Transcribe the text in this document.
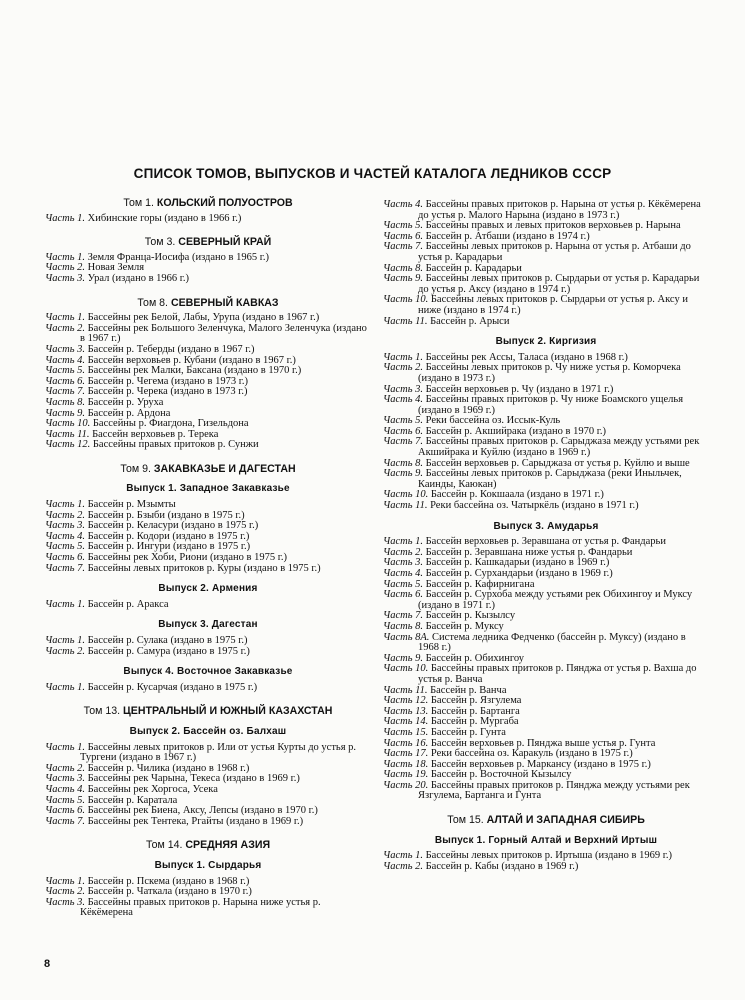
СПИСОК ТОМОВ, ВЫПУСКОВ И ЧАСТЕЙ КАТАЛОГА ЛЕДНИКОВ СССР
Том 1. КОЛЬСКИЙ ПОЛУОСТРОВ
Часть 1. Хибинские горы (издано в 1966 г.)
Том 3. СЕВЕРНЫЙ КРАЙ
Часть 1. Земля Франца-Иосифа (издано в 1965 г.)
Часть 2. Новая Земля
Часть 3. Урал (издано в 1966 г.)
Том 8. СЕВЕРНЫЙ КАВКАЗ
Часть 1. Бассейны рек Белой, Лабы, Урупа (издано в 1967 г.)
Часть 2. Бассейны рек Большого Зеленчука, Малого Зеленчука (издано в 1967 г.)
Часть 3. Бассейн р. Теберды (издано в 1967 г.)
Часть 4. Бассейн верховьев р. Кубани (издано в 1967 г.)
Часть 5. Бассейны рек Малки, Баксана (издано в 1970 г.)
Часть 6. Бассейн р. Чегема (издано в 1973 г.)
Часть 7. Бассейн р. Черека (издано в 1973 г.)
Часть 8. Бассейн р. Уруха
Часть 9. Бассейн р. Ардона
Часть 10. Бассейны р. Фиагдона, Гизельдона
Часть 11. Бассейн верховьев р. Терека
Часть 12. Бассейны правых притоков р. Сунжи
Том 9. ЗАКАВКАЗЬЕ И ДАГЕСТАН
Выпуск 1. Западное Закавказье
Часть 1. Бассейн р. Мзымты
Часть 2. Бассейн р. Бзыби (издано в 1975 г.)
Часть 3. Бассейн р. Келасури (издано в 1975 г.)
Часть 4. Бассейн р. Кодори (издано в 1975 г.)
Часть 5. Бассейн р. Ингури (издано в 1975 г.)
Часть 6. Бассейны рек Хоби, Риони (издано в 1975 г.)
Часть 7. Бассейны левых притоков р. Куры (издано в 1975 г.)
Выпуск 2. Армения
Часть 1. Бассейн р. Аракса
Выпуск 3. Дагестан
Часть 1. Бассейн р. Сулака (издано в 1975 г.)
Часть 2. Бассейн р. Самура (издано в 1975 г.)
Выпуск 4. Восточное Закавказье
Часть 1. Бассейн р. Кусарчая (издано в 1975 г.)
Том 13. ЦЕНТРАЛЬНЫЙ И ЮЖНЫЙ КАЗАХСТАН
Выпуск 2. Бассейн оз. Балхаш
Часть 1. Бассейны левых притоков р. Или от устья Курты до устья р. Тургени (издано в 1967 г.)
Часть 2. Бассейн р. Чилика (издано в 1968 г.)
Часть 3. Бассейны рек Чарына, Текеса (издано в 1969 г.)
Часть 4. Бассейны рек Хоргоса, Усека
Часть 5. Бассейн р. Каратала
Часть 6. Бассейны рек Биена, Аксу, Лепсы (издано в 1970 г.)
Часть 7. Бассейны рек Тентека, Ргайты (издано в 1969 г.)
Том 14. СРЕДНЯЯ АЗИЯ
Выпуск 1. Сырдарья
Часть 1. Бассейн р. Пскема (издано в 1968 г.)
Часть 2. Бассейн р. Чаткала (издано в 1970 г.)
Часть 3. Бассейны правых притоков р. Нарына ниже устья р. Кёкёмерена
Часть 4. Бассейны правых притоков р. Нарына от устья р. Кёкёмерена до устья р. Малого Нарына (издано в 1973 г.)
Часть 5. Бассейны правых и левых притоков верховьев р. Нарына
Часть 6. Бассейн р. Атбаши (издано в 1974 г.)
Часть 7. Бассейны левых притоков р. Нарына от устья р. Атбаши до устья р. Карадарьи
Часть 8. Бассейн р. Карадарьи
Часть 9. Бассейны левых притоков р. Сырдарьи от устья р. Карадарьи до устья р. Аксу (издано в 1974 г.)
Часть 10. Бассейны левых притоков р. Сырдарьи от устья р. Аксу и ниже (издано в 1974 г.)
Часть 11. Бассейн р. Арыси
Выпуск 2. Киргизия
Часть 1. Бассейны рек Ассы, Таласа (издано в 1968 г.)
Часть 2. Бассейны левых притоков р. Чу ниже устья р. Коморчека (издано в 1973 г.)
Часть 3. Бассейн верховьев р. Чу (издано в 1971 г.)
Часть 4. Бассейны правых притоков р. Чу ниже Боамского ущелья (издано в 1969 г.)
Часть 5. Реки бассейна оз. Иссык-Куль
Часть 6. Бассейн р. Акшийрака (издано в 1970 г.)
Часть 7. Бассейны правых притоков р. Сарыджаза между устьями рек Акшийрака и Куйлю (издано в 1969 г.)
Часть 8. Бассейн верховьев р. Сарыджаза от устья р. Куйлю и выше
Часть 9. Бассейны левых притоков р. Сарыджаза (реки Иныльчек, Каинды, Каюкан)
Часть 10. Бассейн р. Кокшаала (издано в 1971 г.)
Часть 11. Реки бассейна оз. Чатыркёль (издано в 1971 г.)
Выпуск 3. Амударья
Часть 1. Бассейн верховьев р. Зеравшана от устья р. Фандарьи
Часть 2. Бассейн р. Зеравшана ниже устья р. Фандарьи
Часть 3. Бассейн р. Кашкадарьи (издано в 1969 г.)
Часть 4. Бассейн р. Сурхандарьи (издано в 1969 г.)
Часть 5. Бассейн р. Кафирнигана
Часть 6. Бассейн р. Сурхоба между устьями рек Обихингоу и Муксу (издано в 1971 г.)
Часть 7. Бассейн р. Кызылсу
Часть 8. Бассейн р. Муксу
Часть 8А. Система ледника Федченко (бассейн р. Муксу) (издано в 1968 г.)
Часть 9. Бассейн р. Обихингоу
Часть 10. Бассейны правых притоков р. Пянджа от устья р. Вахша до устья р. Ванча
Часть 11. Бассейн р. Ванча
Часть 12. Бассейн р. Язгулема
Часть 13. Бассейн р. Бартанга
Часть 14. Бассейн р. Мургаба
Часть 15. Бассейн р. Гунта
Часть 16. Бассейн верховьев р. Пянджа выше устья р. Гунта
Часть 17. Реки бассейна оз. Каракуль (издано в 1975 г.)
Часть 18. Бассейн верховьев р. Маркансу (издано в 1975 г.)
Часть 19. Бассейн р. Восточной Кызылсу
Часть 20. Бассейны правых притоков р. Пянджа между устьями рек Язгулема, Бартанга и Гунта
Том 15. АЛТАЙ И ЗАПАДНАЯ СИБИРЬ
Выпуск 1. Горный Алтай и Верхний Иртыш
Часть 1. Бассейны левых притоков р. Иртыша (издано в 1969 г.)
Часть 2. Бассейн р. Кабы (издано в 1969 г.)
8
